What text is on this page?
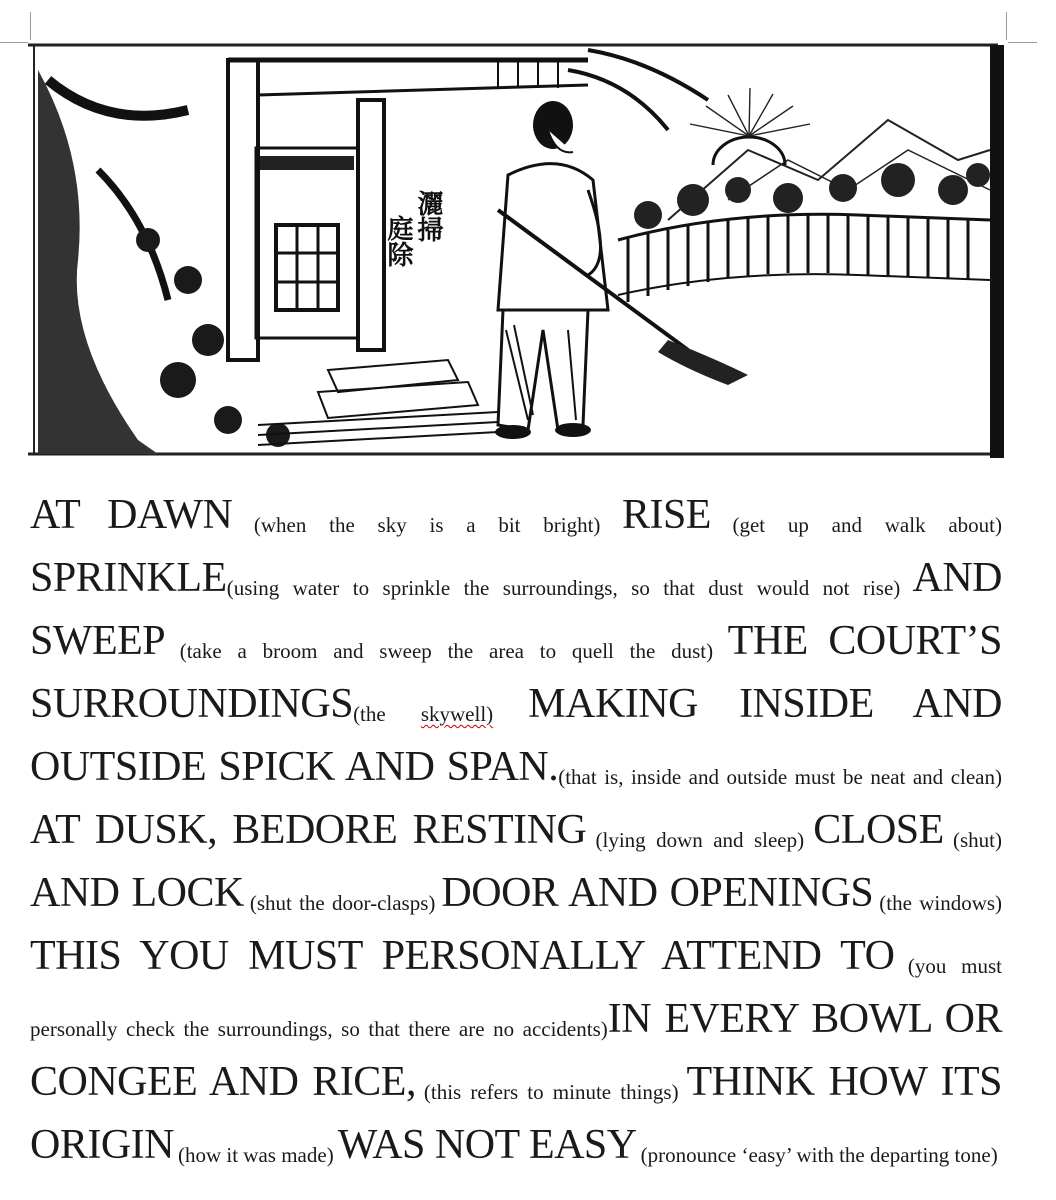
灑掃
庭除

AT DAWN (when the sky is a bit bright) RISE (get up and walk about) SPRINKLE(using water to sprinkle the surroundings, so that dust would not rise) AND SWEEP (take a broom and sweep the area to quell the dust) THE COURT’S SURROUNDINGS(the skywell) MAKING INSIDE AND OUTSIDE SPICK AND SPAN.(that is, inside and outside must be neat and clean) AT DUSK, BEDORE RESTING (lying down and sleep) CLOSE (shut) AND LOCK (shut the door-clasps) DOOR AND OPENINGS (the windows) THIS YOU MUST PERSONALLY ATTEND TO (you must personally check the surroundings, so that there are no accidents)IN EVERY BOWL OR CONGEE AND RICE, (this refers to minute things) THINK HOW ITS ORIGIN (how it was made) WAS NOT EASY (pronounce ‘easy’ with the departing tone)
